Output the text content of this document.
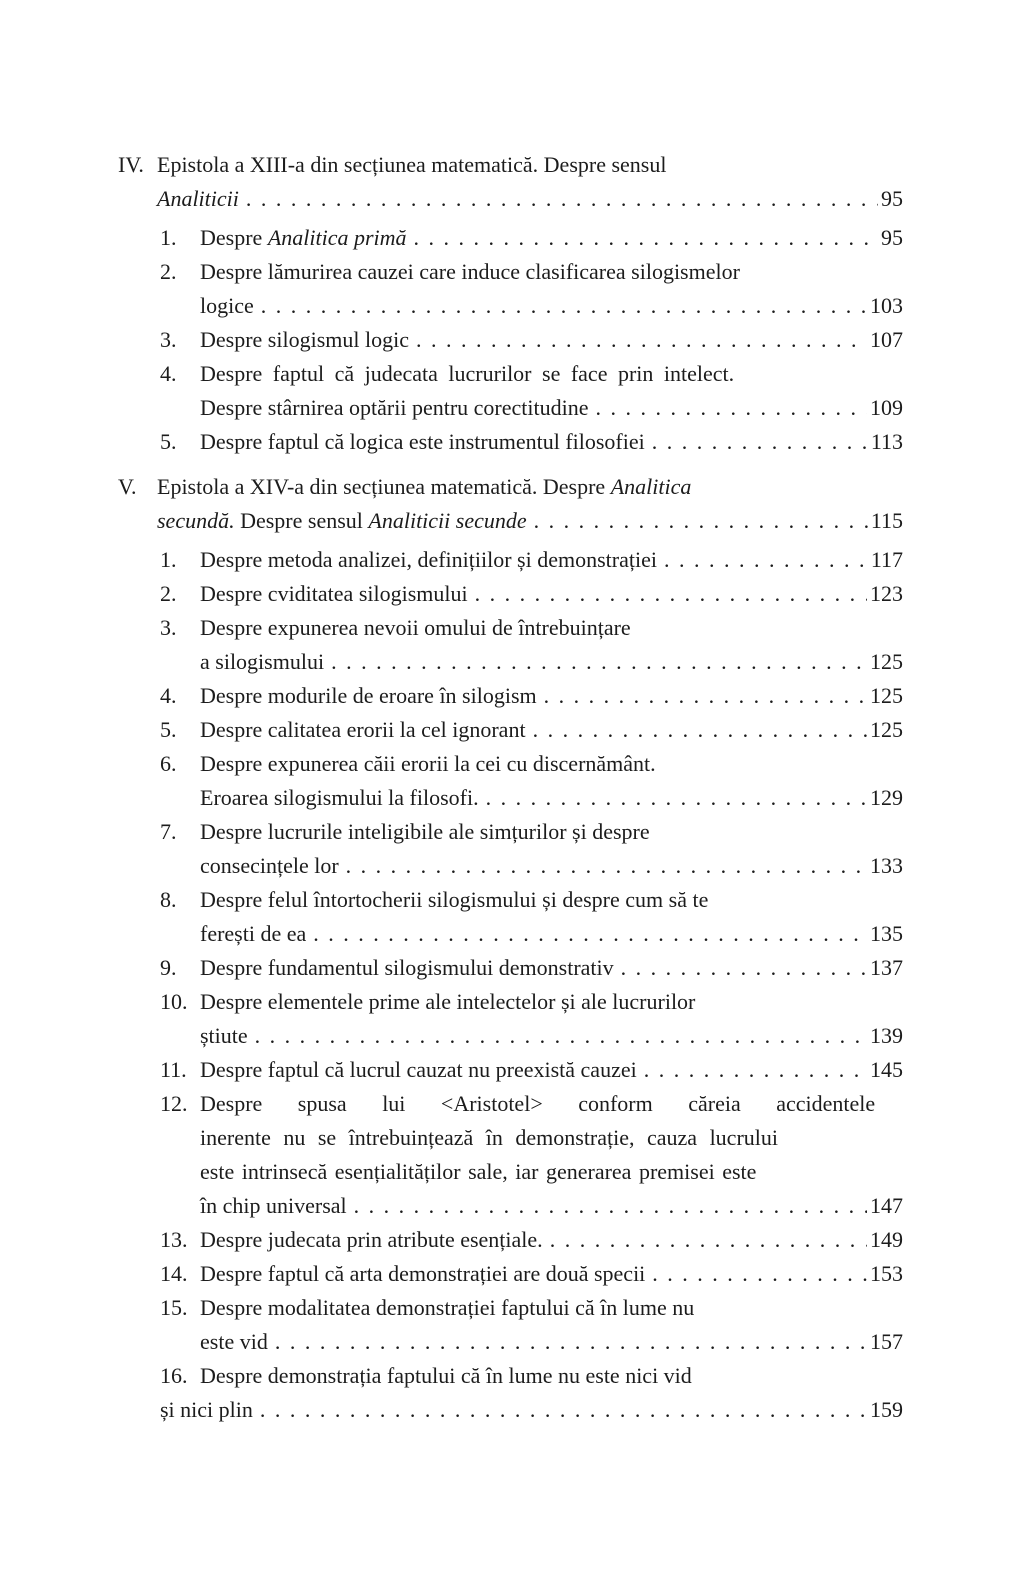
IV. Epistola a XIII-a din secțiunea matematică. Despre sensul
Analiticii . . .	95
1.	Despre Analitica primă . . .	95
2.	Despre lămurirea cauzei care induce clasificarea silogismelor
logice . . .	103
3.	Despre silogismul logic . . .	107
4.	Despre faptul că judecata lucrurilor se face prin intelect.
Despre stârnirea optării pentru corectitudine . . .	109
5.	Despre faptul că logica este instrumentul filosofiei . . .	113
V. Epistola a XIV-a din secțiunea matematică. Despre Analitica
secundă. Despre sensul Analiticii secunde . . .	115
1.	Despre metoda analizei, definițiilor și demonstrației . . .	117
2.	Despre cviditatea silogismului . . .	123
3.	Despre expunerea nevoii omului de întrebuințare
a silogismului . . .	125
4.	Despre modurile de eroare în silogism . . .	125
5.	Despre calitatea erorii la cel ignorant . . .	125
6.	Despre expunerea căii erorii la cei cu discernământ.
Eroarea silogismului la filosofi. . . .	129
7.	Despre lucrurile inteligibile ale simțurilor și despre
consecințele lor . . .	133
8.	Despre felul întortocherii silogismului și despre cum să te
ferești de ea . . .	135
9.	Despre fundamentul silogismului demonstrativ . . .	137
10. Despre elementele prime ale intelectelor și ale lucrurilor
știute . . .	139
11. Despre faptul că lucrul cauzat nu preexistă cauzei . . .	145
12. Despre spusa lui <Aristotel> conform căreia accidentele
inerente nu se întrebuințează în demonstrație, cauza lucrului
este intrinsecă esențialităților sale, iar generarea premisei este
în chip universal . . .	147
13. Despre judecata prin atribute esențiale. . . .	149
14. Despre faptul că arta demonstrației are două specii . . .	153
15. Despre modalitatea demonstrației faptului că în lume nu
este vid . . .	157
16. Despre demonstrația faptului că în lume nu este nici vid
și nici plin . . .	159
